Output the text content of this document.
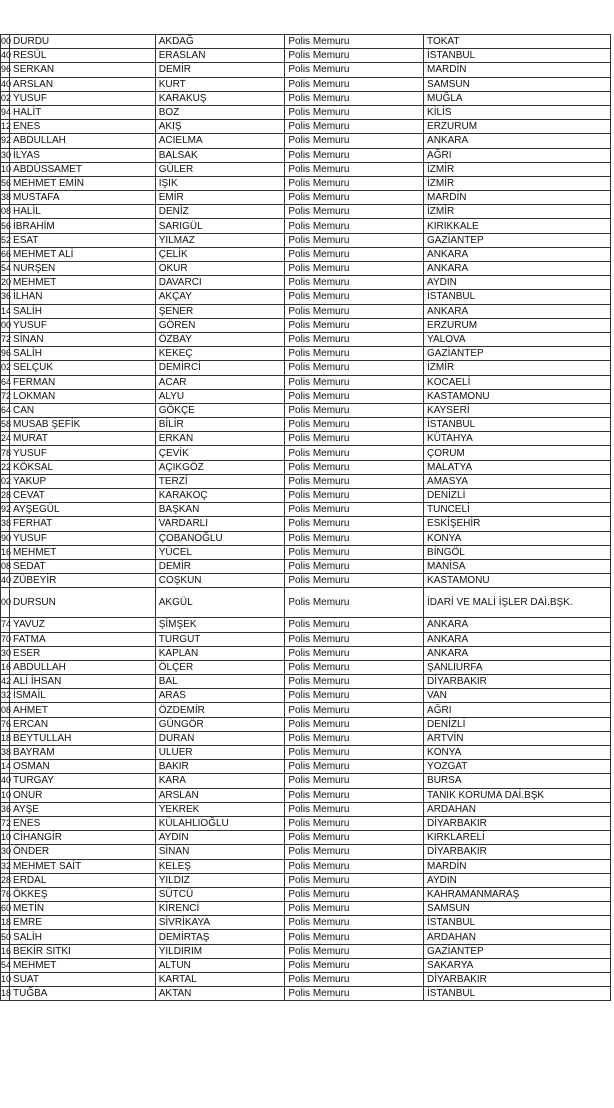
00	DURDU	AKDAĞ	Polis Memuru	TOKAT
40	RESÜL	ERASLAN	Polis Memuru	İSTANBUL
96	SERKAN	DEMİR	Polis Memuru	MARDİN
40	ARSLAN	KURT	Polis Memuru	SAMSUN
02	YUSUF	KARAKUŞ	Polis Memuru	MUĞLA
94	HALİT	BOZ	Polis Memuru	KİLİS
12	ENES	AKIŞ	Polis Memuru	ERZURUM
92	ABDULLAH	ACIELMA	Polis Memuru	ANKARA
30	İLYAS	BALSAK	Polis Memuru	AĞRI
10	ABDÜSSAMET	GÜLER	Polis Memuru	İZMİR
56	MEHMET EMİN	IŞIK	Polis Memuru	İZMİR
38	MUSTAFA	EMİR	Polis Memuru	MARDİN
08	HALİL	DENİZ	Polis Memuru	İZMİR
56	İBRAHİM	SARIGÜL	Polis Memuru	KIRIKKALE
52	ESAT	YILMAZ	Polis Memuru	GAZİANTEP
66	MEHMET ALİ	ÇELİK	Polis Memuru	ANKARA
54	NURŞEN	OKUR	Polis Memuru	ANKARA
20	MEHMET	DAVARCI	Polis Memuru	AYDIN
36	İLHAN	AKÇAY	Polis Memuru	İSTANBUL
14	SALİH	ŞENER	Polis Memuru	ANKARA
00	YUSUF	GÖREN	Polis Memuru	ERZURUM
72	SİNAN	ÖZBAY	Polis Memuru	YALOVA
96	SALİH	KEKEÇ	Polis Memuru	GAZİANTEP
02	SELÇUK	DEMİRCİ	Polis Memuru	İZMİR
64	FERMAN	ACAR	Polis Memuru	KOCAELİ
72	LOKMAN	ALYU	Polis Memuru	KASTAMONU
64	CAN	GÖKÇE	Polis Memuru	KAYSERİ
58	MUSAB ŞEFİK	BİLİR	Polis Memuru	İSTANBUL
24	MURAT	ERKAN	Polis Memuru	KÜTAHYA
78	YUSUF	ÇEVİK	Polis Memuru	ÇORUM
22	KÖKSAL	AÇIKGÖZ	Polis Memuru	MALATYA
02	YAKUP	TERZİ	Polis Memuru	AMASYA
28	CEVAT	KARAKOÇ	Polis Memuru	DENİZLİ
92	AYŞEGÜL	BAŞKAN	Polis Memuru	TUNCELİ
38	FERHAT	VARDARLI	Polis Memuru	ESKİŞEHİR
90	YUSUF	ÇOBANOĞLU	Polis Memuru	KONYA
16	MEHMET	YÜCEL	Polis Memuru	BİNGÖL
08	SEDAT	DEMİR	Polis Memuru	MANİSA
40	ZÜBEYİR	COŞKUN	Polis Memuru	KASTAMONU
00	DURSUN	AKGÜL	Polis Memuru	İDARİ VE MALİ İŞLER DAİ.BŞK.
74	YAVUZ	ŞİMŞEK	Polis Memuru	ANKARA
70	FATMA	TURGUT	Polis Memuru	ANKARA
30	ESER	KAPLAN	Polis Memuru	ANKARA
16	ABDULLAH	ÖLÇER	Polis Memuru	ŞANLIURFA
42	ALİ İHSAN	BAL	Polis Memuru	DİYARBAKIR
32	İSMAİL	ARAS	Polis Memuru	VAN
08	AHMET	ÖZDEMİR	Polis Memuru	AĞRI
76	ERCAN	GÜNGÖR	Polis Memuru	DENİZLİ
18	BEYTULLAH	DURAN	Polis Memuru	ARTVİN
38	BAYRAM	ULUER	Polis Memuru	KONYA
14	OSMAN	BAKIR	Polis Memuru	YOZGAT
40	TURGAY	KARA	Polis Memuru	BURSA
10	ONUR	ARSLAN	Polis Memuru	TANIK KORUMA DAİ.BŞK
36	AYŞE	YEKREK	Polis Memuru	ARDAHAN
72	ENES	KÜLAHLIOĞLU	Polis Memuru	DİYARBAKIR
10	CİHANGİR	AYDIN	Polis Memuru	KIRKLARELİ
30	ÖNDER	SİNAN	Polis Memuru	DİYARBAKIR
32	MEHMET SAİT	KELEŞ	Polis Memuru	MARDİN
28	ERDAL	YILDIZ	Polis Memuru	AYDIN
76	ÖKKEŞ	SÜTCÜ	Polis Memuru	KAHRAMANMARAŞ
60	METİN	KİRENCİ	Polis Memuru	SAMSUN
18	EMRE	SİVRİKAYA	Polis Memuru	İSTANBUL
50	SALİH	DEMİRTAŞ	Polis Memuru	ARDAHAN
16	BEKİR SITKI	YILDIRIM	Polis Memuru	GAZİANTEP
54	MEHMET	ALTUN	Polis Memuru	SAKARYA
10	SUAT	KARTAL	Polis Memuru	DİYARBAKIR
18	TUĞBA	AKTAN	Polis Memuru	İSTANBUL
